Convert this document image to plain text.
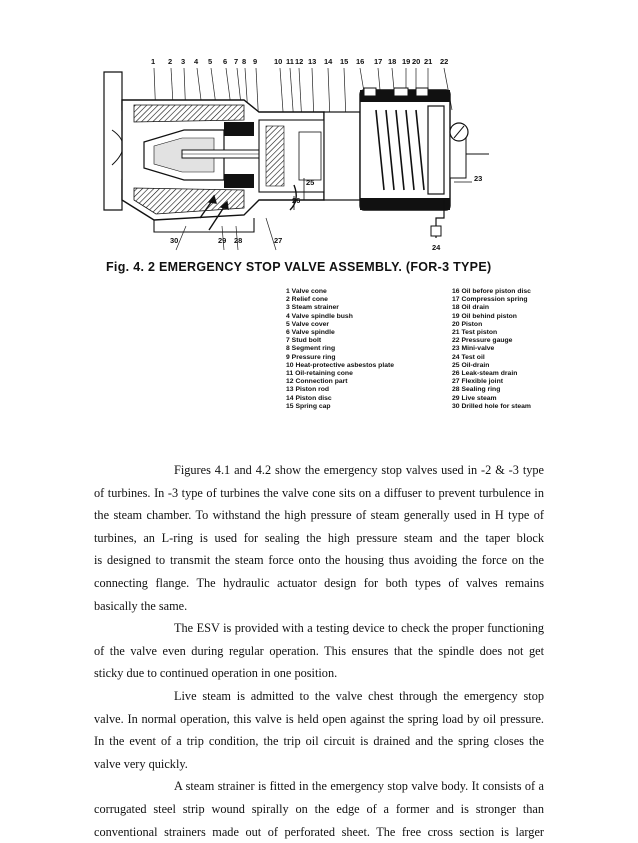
1 2 3 4 5 6 7 8 9 10 11 12 13 14 15 16 17 18 19 20 21 22
23
24
25
26
30	29 28	27
Fig. 4. 2 EMERGENCY STOP VALVE ASSEMBLY. (FOR-3 TYPE)
1 Valve cone
2 Relief cone
3 Steam strainer
4 Valve spindle bush
5 Valve cover
6 Valve spindle
7 Stud bolt
8 Segment ring
9 Pressure ring
10 Heat-protective asbestos plate
11 Oil-retaining cone
12 Connection part
13 Piston rod
14 Piston disc
15 Spring cap
16 Oil before piston disc
17 Compression spring
18 Oil drain
19 Oil behind piston
20 Piston
21 Test piston
22 Pressure gauge
23 Mini-valve
24 Test oil
25 Oil-drain
26 Leak-steam drain
27 Flexible joint
28 Sealing ring
29 Live steam
30 Drilled hole for steam

Figures 4.1 and 4.2 show the emergency stop valves used in -2 & -3 type

of turbines. In -3 type of turbines the valve cone sits on a diffuser to prevent turbulence in

the steam chamber. To withstand the high pressure of steam generally used in H type of

turbines, an L-ring is used for sealing the high pressure steam and the taper block

is designed to transmit the steam force onto the housing thus avoiding the force on the

connecting flange. The hydraulic actuator design for both types of valves remains

basically the same.

The ESV is provided with a testing device to check the proper functioning

of the valve even during regular operation. This ensures that the spindle does not get

sticky due to continued operation in one position.

Live steam is admitted to the valve chest through the emergency stop

valve. In normal operation, this valve is held open against the spring load by oil pressure.

In the event of a trip condition, the trip oil circuit is drained and the spring closes the

valve very quickly.

A steam strainer is fitted in the emergency stop valve body. It consists of a

corrugated steel strip wound spirally on the edge of a former and is stronger than

conventional strainers made out of perforated sheet. The free cross section is larger
